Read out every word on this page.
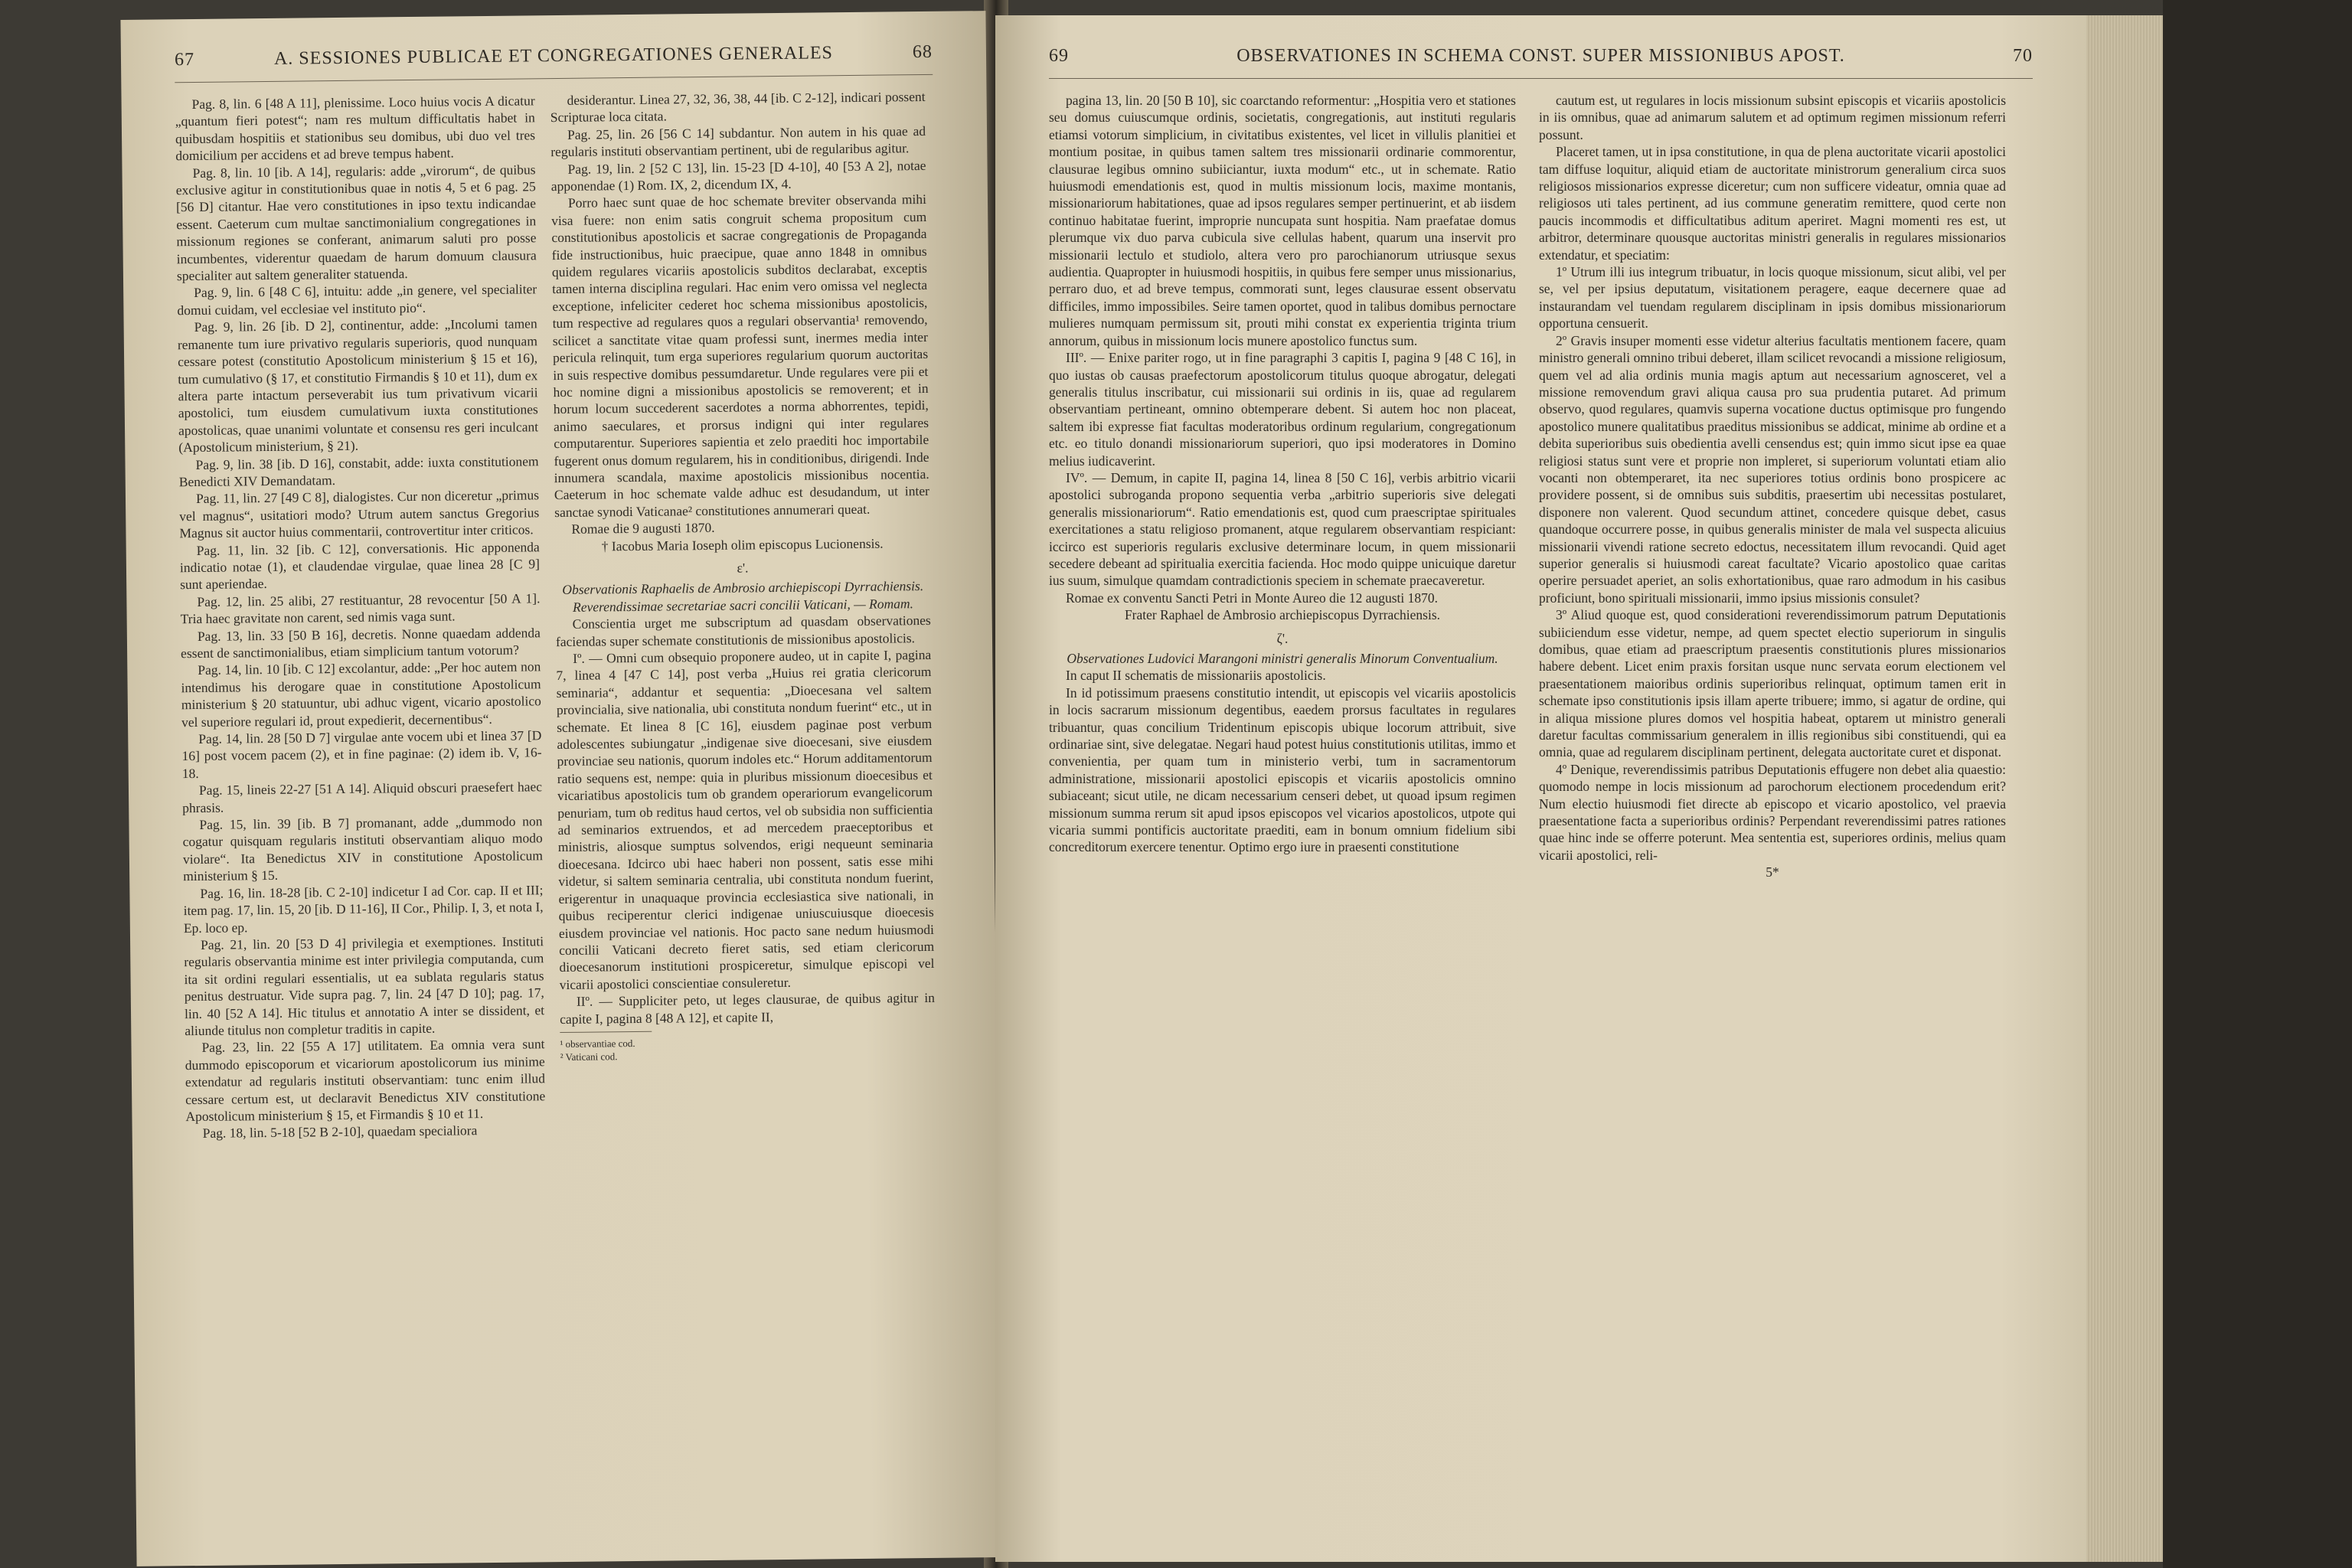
67	A. SESSIONES PUBLICAE ET CONGREGATIONES GENERALES	68

Pag. 8, lin. 6 [48 A 11], plenissime. Loco huius vocis A dicatur „quantum fieri potest“; nam res multum difficultatis habet in quibusdam hospitiis et stationibus seu domibus, ubi duo vel tres domicilium per accidens et ad breve tempus habent.

Pag. 8, lin. 10 [ib. A 14], regularis: adde „virorum“, de quibus exclusive agitur in constitutionibus quae in notis 4, 5 et 6 pag. 25 [56 D] citantur. Hae vero constitutiones in ipso textu indicandae essent. Caeterum cum multae sanctimonialium congregationes in missionum regiones se conferant, animarum saluti pro posse incumbentes, viderentur quaedam de harum domuum clausura specialiter aut saltem generaliter statuenda.

Pag. 9, lin. 6 [48 C 6], intuitu: adde „in genere, vel specialiter domui cuidam, vel ecclesiae vel instituto pio“.

Pag. 9, lin. 26 [ib. D 2], continentur, adde: „Incolumi tamen remanente tum iure privativo regularis superioris, quod nunquam cessare potest (constitutio Apostolicum ministerium § 15 et 16), tum cumulativo (§ 17, et constitutio Firmandis § 10 et 11), dum ex altera parte intactum perseverabit ius tum privativum vicarii apostolici, tum eiusdem cumulativum iuxta constitutiones apostolicas, quae unanimi voluntate et consensu res geri inculcant (Apostolicum ministerium, § 21).

Pag. 9, lin. 38 [ib. D 16], constabit, adde: iuxta constitutionem Benedicti XIV Demandatam.

Pag. 11, lin. 27 [49 C 8], dialogistes. Cur non diceretur „primus vel magnus“, usitatiori modo? Utrum autem sanctus Gregorius Magnus sit auctor huius commentarii, controvertitur inter criticos.

Pag. 11, lin. 32 [ib. C 12], conversationis. Hic apponenda indicatio notae (1), et claudendae virgulae, quae linea 28 [C 9] sunt aperiendae.

Pag. 12, lin. 25 alibi, 27 restituantur, 28 revocentur [50 A 1]. Tria haec gravitate non carent, sed nimis vaga sunt.

Pag. 13, lin. 33 [50 B 16], decretis. Nonne quaedam addenda essent de sanctimonialibus, etiam simplicium tantum votorum?

Pag. 14, lin. 10 [ib. C 12] excolantur, adde: „Per hoc autem non intendimus his derogare quae in constitutione Apostolicum ministerium § 20 statuuntur, ubi adhuc vigent, vicario apostolico vel superiore regulari id, prout expedierit, decernentibus“.

Pag. 14, lin. 28 [50 D 7] virgulae ante vocem ubi et linea 37 [D 16] post vocem pacem (2), et in fine paginae: (2) idem ib. V, 16-18.

Pag. 15, lineis 22-27 [51 A 14]. Aliquid obscuri praesefert haec phrasis.

Pag. 15, lin. 39 [ib. B 7] promanant, adde „dummodo non cogatur quisquam regularis instituti observantiam aliquo modo violare“. Ita Benedictus XIV in constitutione Apostolicum ministerium § 15.

Pag. 16, lin. 18-28 [ib. C 2-10] indicetur I ad Cor. cap. II et III; item pag. 17, lin. 15, 20 [ib. D 11-16], II Cor., Philip. I, 3, et nota I, Ep. loco ep.

Pag. 21, lin. 20 [53 D 4] privilegia et exemptiones. Instituti regularis observantia minime est inter privilegia computanda, cum ita sit ordini regulari essentialis, ut ea sublata regularis status penitus destruatur. Vide supra pag. 7, lin. 24 [47 D 10]; pag. 17, lin. 40 [52 A 14]. Hic titulus et annotatio A inter se dissident, et aliunde titulus non completur traditis in capite.

Pag. 23, lin. 22 [55 A 17] utilitatem. Ea omnia vera sunt dummodo episcoporum et vicariorum apostolicorum ius minime extendatur ad regularis instituti observantiam: tunc enim illud cessare certum est, ut declaravit Benedictus XIV constitutione Apostolicum ministerium § 15, et Firmandis § 10 et 11.

Pag. 18, lin. 5-18 [52 B 2-10], quaedam specialiora

desiderantur. Linea 27, 32, 36, 38, 44 [ib. C 2-12], indicari possent Scripturae loca citata.

Pag. 25, lin. 26 [56 C 14] subdantur. Non autem in his quae ad regularis instituti observantiam pertinent, ubi de regularibus agitur.

Pag. 19, lin. 2 [52 C 13], lin. 15-23 [D 4-10], 40 [53 A 2], notae apponendae (1) Rom. IX, 2, dicendum IX, 4.

Porro haec sunt quae de hoc schemate breviter observanda mihi visa fuere: non enim satis congruit schema propositum cum constitutionibus apostolicis et sacrae congregationis de Propaganda fide instructionibus, huic praecipue, quae anno 1848 in omnibus quidem regulares vicariis apostolicis subditos declarabat, exceptis tamen interna disciplina regulari. Hac enim vero omissa vel neglecta exceptione, infeliciter cederet hoc schema missionibus apostolicis, tum respective ad regulares quos a regulari observantia¹ removendo, scilicet a sanctitate vitae quam professi sunt, inermes media inter pericula relinquit, tum erga superiores regularium quorum auctoritas in suis respective domibus pessumdaretur. Unde regulares vere pii et hoc nomine digni a missionibus apostolicis se removerent; et in horum locum succederent sacerdotes a norma abhorrentes, tepidi, animo saeculares, et prorsus indigni qui inter regulares computarentur. Superiores sapientia et zelo praediti hoc importabile fugerent onus domum regularem, his in conditionibus, dirigendi. Inde innumera scandala, maxime apostolicis missionibus nocentia. Caeterum in hoc schemate valde adhuc est desudandum, ut inter sanctae synodi Vaticanae² constitutiones annumerari queat.

Romae die 9 augusti 1870.

† Iacobus Maria Ioseph olim episcopus Lucionensis.

ε'.

Observationis Raphaelis de Ambrosio archiepiscopi Dyrrachiensis.

Reverendissimae secretariae sacri concilii Vaticani, — Romam.

Conscientia urget me subscriptum ad quasdam observationes faciendas super schemate constitutionis de missionibus apostolicis.

Iº. — Omni cum obsequio proponere audeo, ut in capite I, pagina 7, linea 4 [47 C 14], post verba „Huius rei gratia clericorum seminaria“, addantur et sequentia: „Dioecesana vel saltem provincialia, sive nationalia, ubi constituta nondum fuerint“ etc., ut in schemate. Et linea 8 [C 16], eiusdem paginae post verbum adolescentes subiungatur „indigenae sive dioecesani, sive eiusdem provinciae seu nationis, quorum indoles etc.“ Horum additamentorum ratio sequens est, nempe: quia in pluribus missionum dioecesibus et vicariatibus apostolicis tum ob grandem operariorum evangelicorum penuriam, tum ob reditus haud certos, vel ob subsidia non sufficientia ad seminarios extruendos, et ad mercedem praeceptoribus et ministris, aliosque sumptus solvendos, erigi nequeunt seminaria dioecesana. Idcirco ubi haec haberi non possent, satis esse mihi videtur, si saltem seminaria centralia, ubi constituta nondum fuerint, erigerentur in unaquaque provincia ecclesiastica sive nationali, in quibus reciperentur clerici indigenae uniuscuiusque dioecesis eiusdem provinciae vel nationis. Hoc pacto sane nedum huiusmodi concilii Vaticani decreto fieret satis, sed etiam clericorum dioecesanorum institutioni prospiceretur, simulque episcopi vel vicarii apostolici conscientiae consuleretur.

IIº. — Suppliciter peto, ut leges clausurae, de quibus agitur in capite I, pagina 8 [48 A 12], et capite II,

¹ observantiae cod.

² Vaticani cod.

69	OBSERVATIONES IN SCHEMA CONST. SUPER MISSIONIBUS APOST.	70

pagina 13, lin. 20 [50 B 10], sic coarctando reformentur: „Hospitia vero et stationes seu domus cuiuscumque ordinis, societatis, congregationis, aut instituti regularis etiamsi votorum simplicium, in civitatibus existentes, vel licet in villulis planitiei et montium positae, in quibus tamen saltem tres missionarii ordinarie commorentur, clausurae legibus omnino subiiciantur, iuxta modum“ etc., ut in schemate. Ratio huiusmodi emendationis est, quod in multis missionum locis, maxime montanis, missionariorum habitationes, quae ad ipsos regulares semper pertinuerint, et ab iisdem continuo habitatae fuerint, improprie nuncupata sunt hospitia. Nam praefatae domus plerumque vix duo parva cubicula sive cellulas habent, quarum una inservit pro missionarii lectulo et studiolo, altera vero pro parochianorum utriusque sexus audientia. Quapropter in huiusmodi hospitiis, in quibus fere semper unus missionarius, perraro duo, et ad breve tempus, commorati sunt, leges clausurae essent observatu difficiles, immo impossibiles. Seire tamen oportet, quod in talibus domibus pernoctare mulieres numquam permissum sit, prouti mihi constat ex experientia triginta trium annorum, quibus in missionum locis munere apostolico functus sum.

IIIº. — Enixe pariter rogo, ut in fine paragraphi 3 capitis I, pagina 9 [48 C 16], in quo iustas ob causas praefectorum apostolicorum titulus quoque abrogatur, delegati generalis titulus inscribatur, cui missionarii sui ordinis in iis, quae ad regularem observantiam pertineant, omnino obtemperare debent. Si autem hoc non placeat, saltem ibi expresse fiat facultas moderatoribus ordinum regularium, congregationum etc. eo titulo donandi missionariorum superiori, quo ipsi moderatores in Domino melius iudicaverint.

IVº. — Demum, in capite II, pagina 14, linea 8 [50 C 16], verbis arbitrio vicarii apostolici subroganda propono sequentia verba „arbitrio superioris sive delegati generalis missionariorum“. Ratio emendationis est, quod cum praescriptae spirituales exercitationes a statu religioso promanent, atque regularem observantiam respiciant: iccirco est superioris regularis exclusive determinare locum, in quem missionarii secedere debeant ad spiritualia exercitia facienda. Hoc modo quippe unicuique daretur ius suum, simulque quamdam contradictionis speciem in schemate praecaveretur.

Romae ex conventu Sancti Petri in Monte Aureo die 12 augusti 1870.

Frater Raphael de Ambrosio archiepiscopus Dyrrachiensis.

ζ'.

Observationes Ludovici Marangoni ministri generalis Minorum Conventualium.

In caput II schematis de missionariis apostolicis.

In id potissimum praesens constitutio intendit, ut episcopis vel vicariis apostolicis in locis sacrarum missionum degentibus, eaedem prorsus facultates in regulares tribuantur, quas concilium Tridentinum episcopis ubique locorum attribuit, sive ordinariae sint, sive delegatae. Negari haud potest huius constitutionis utilitas, immo et convenientia, per quam tum in ministerio verbi, tum in sacramentorum administratione, missionarii apostolici episcopis et vicariis apostolicis omnino subiaceant; sicut utile, ne dicam necessarium censeri debet, ut quoad ipsum regimen missionum summa rerum sit apud ipsos episcopos vel vicarios apostolicos, utpote qui vicaria summi pontificis auctoritate praediti, eam in bonum omnium fidelium sibi concreditorum exercere tenentur. Optimo ergo iure in praesenti constitutione

cautum est, ut regulares in locis missionum subsint episcopis et vicariis apostolicis in iis omnibus, quae ad animarum salutem et ad optimum regimen missionum referri possunt.

Placeret tamen, ut in ipsa constitutione, in qua de plena auctoritate vicarii apostolici tam diffuse loquitur, aliquid etiam de auctoritate ministrorum generalium circa suos religiosos missionarios expresse diceretur; cum non sufficere videatur, omnia quae ad religiosos uti tales pertinent, ad ius commune generatim remittere, quod certe non paucis incommodis et difficultatibus aditum aperiret. Magni momenti res est, ut arbitror, determinare quousque auctoritas ministri generalis in regulares missionarios extendatur, et speciatim:

1º Utrum illi ius integrum tribuatur, in locis quoque missionum, sicut alibi, vel per se, vel per ipsius deputatum, visitationem peragere, eaque decernere quae ad instaurandam vel tuendam regularem disciplinam in ipsis domibus missionariorum opportuna censuerit.

2º Gravis insuper momenti esse videtur alterius facultatis mentionem facere, quam ministro generali omnino tribui deberet, illam scilicet revocandi a missione religiosum, quem vel ad alia ordinis munia magis aptum aut necessarium agnosceret, vel a missione removendum gravi aliqua causa pro sua prudentia putaret. Ad primum observo, quod regulares, quamvis superna vocatione ductus optimisque pro fungendo apostolico munere qualitatibus praeditus missionibus se addicat, minime ab ordine et a debita superioribus suis obedientia avelli censendus est; quin immo sicut ipse ea quae religiosi status sunt vere et proprie non impleret, si superiorum voluntati etiam alio vocanti non obtemperaret, ita nec superiores totius ordinis bono prospicere ac providere possent, si de omnibus suis subditis, praesertim ubi necessitas postularet, disponere non valerent. Quod secundum attinet, concedere quisque debet, casus quandoque occurrere posse, in quibus generalis minister de mala vel suspecta alicuius missionarii vivendi ratione secreto edoctus, necessitatem illum revocandi. Quid aget superior generalis si huiusmodi careat facultate? Vicario apostolico quae caritas operire persuadet aperiet, an solis exhortationibus, quae raro admodum in his casibus proficiunt, bono spirituali missionarii, immo ipsius missionis consulet?

3º Aliud quoque est, quod considerationi reverendissimorum patrum Deputationis subiiciendum esse videtur, nempe, ad quem spectet electio superiorum in singulis domibus, quae etiam ad praescriptum praesentis constitutionis plures missionarios habere debent. Licet enim praxis forsitan usque nunc servata eorum electionem vel praesentationem maioribus ordinis superioribus relinquat, optimum tamen erit in schemate ipso constitutionis ipsis illam aperte tribuere; immo, si agatur de ordine, qui in aliqua missione plures domos vel hospitia habeat, optarem ut ministro generali daretur facultas commissarium generalem in illis regionibus sibi constituendi, qui ea omnia, quae ad regularem disciplinam pertinent, delegata auctoritate curet et disponat.

4º Denique, reverendissimis patribus Deputationis effugere non debet alia quaestio: quomodo nempe in locis missionum ad parochorum electionem procedendum erit? Num electio huiusmodi fiet directe ab episcopo et vicario apostolico, vel praevia praesentatione facta a superioribus ordinis? Perpendant reverendissimi patres rationes quae hinc inde se offerre poterunt. Mea sententia est, superiores ordinis, melius quam vicarii apostolici, reli-

5*
